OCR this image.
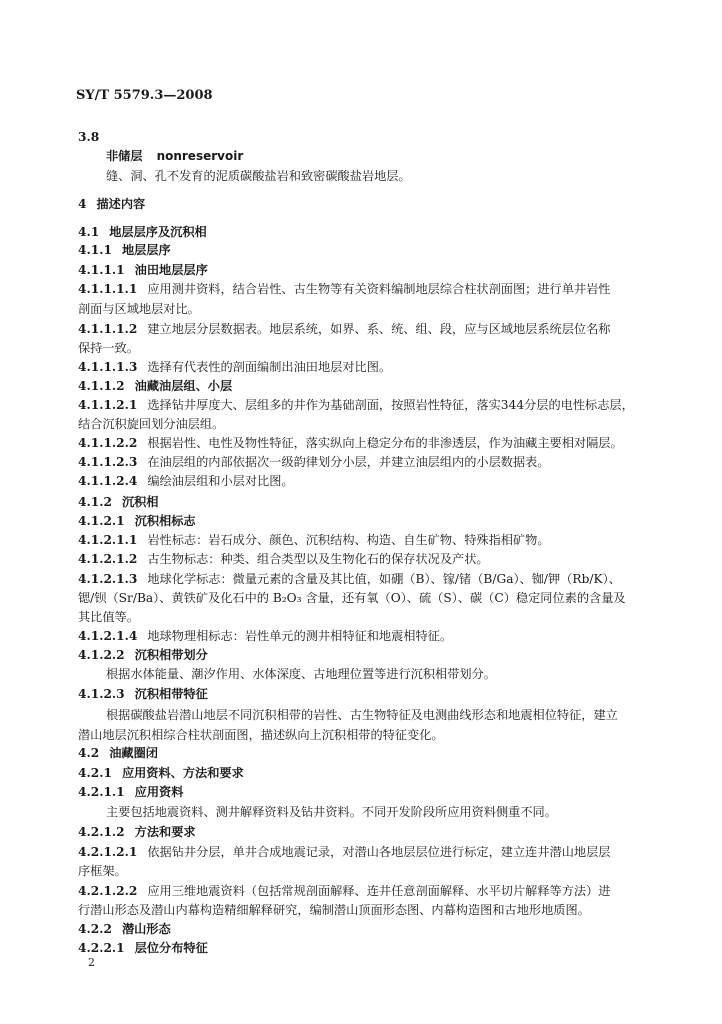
SY/T 5579.3—2008
3.8
非储层 nonreservoir
缝、洞、孔不发育的泥质碳酸盐岩和致密碳酸盐岩地层。
4 描述内容
4.1 地层层序及沉积相
4.1.1 地层层序
4.1.1.1 油田地层层序
4.1.1.1.1 应用测井资料，结合岩性、古生物等有关资料编制地层综合柱状剖面图；进行单井岩性
剖面与区域地层对比。
4.1.1.1.2 建立地层分层数据表。地层系统，如界、系、统、组、段，应与区域地层系统层位名称
保持一致。
4.1.1.1.3 选择有代表性的剖面编制出油田地层对比图。
4.1.1.2 油藏油层组、小层
4.1.1.2.1 选择钻井厚度大、层组多的井作为基础剖面，按照岩性特征，落实344分层的电性标志层，
结合沉积旋回划分油层组。
4.1.1.2.2 根据岩性、电性及物性特征，落实纵向上稳定分布的非渗透层，作为油藏主要相对隔层。
4.1.1.2.3 在油层组的内部依据次一级韵律划分小层，并建立油层组内的小层数据表。
4.1.1.2.4 编绘油层组和小层对比图。
4.1.2 沉积相
4.1.2.1 沉积相标志
4.1.2.1.1 岩性标志：岩石成分、颜色、沉积结构、构造、自生矿物、特殊指相矿物。
4.1.2.1.2 古生物标志：种类、组合类型以及生物化石的保存状况及产状。
4.1.2.1.3 地球化学标志：微量元素的含量及其比值，如硼（B）、镓/锗（B/Ga）、铷/钾（Rb/K）、
锶/钡（Sr/Ba）、黄铁矿及化石中的 B₂O₃ 含量，还有氧（O）、硫（S）、碳（C）稳定同位素的含量及
其比值等。
4.1.2.1.4 地球物理相标志：岩性单元的测井相特征和地震相特征。
4.1.2.2 沉积相带划分
根据水体能量、潮汐作用、水体深度、古地理位置等进行沉积相带划分。
4.1.2.3 沉积相带特征
根据碳酸盐岩潜山地层不同沉积相带的岩性、古生物特征及电测曲线形态和地震相位特征，建立
潜山地层沉积相综合柱状剖面图，描述纵向上沉积相带的特征变化。
4.2 油藏圈闭
4.2.1 应用资料、方法和要求
4.2.1.1 应用资料
主要包括地震资料、测井解释资料及钻井资料。不同开发阶段所应用资料侧重不同。
4.2.1.2 方法和要求
4.2.1.2.1 依据钻井分层，单井合成地震记录，对潜山各地层层位进行标定，建立连井潜山地层层
序框架。
4.2.1.2.2 应用三维地震资料（包括常规剖面解释、连井任意剖面解释、水平切片解释等方法）进
行潜山形态及潜山内幕构造精细解释研究，编制潜山顶面形态图、内幕构造图和古地形地质图。
4.2.2 潜山形态
4.2.2.1 层位分布特征
2
